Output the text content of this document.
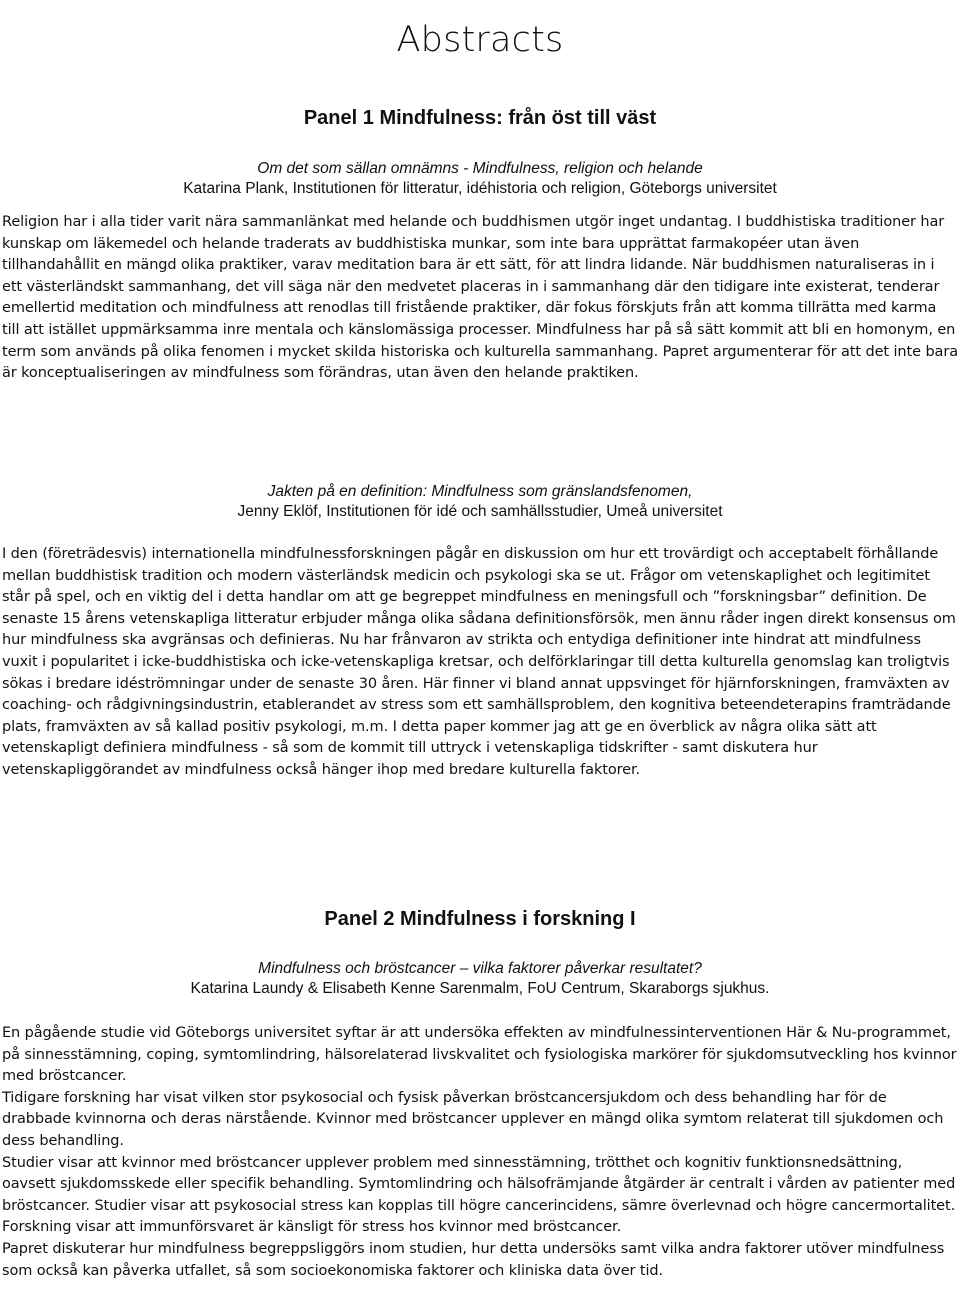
Abstracts
Panel 1 Mindfulness: från öst till väst
Om det som sällan omnämns - Mindfulness, religion och helande
Katarina Plank, Institutionen för litteratur, idéhistoria och religion, Göteborgs universitet

Religion har i alla tider varit nära sammanlänkat med helande och buddhismen utgör inget undantag. I buddhistiska traditioner har kunskap om läkemedel och helande traderats av buddhistiska munkar, som inte bara upprättat farmakopéer utan även tillhandahållit en mängd olika praktiker, varav meditation bara är ett sätt, för att lindra lidande. När buddhismen naturaliseras in i ett västerländskt sammanhang, det vill säga när den medvetet placeras in i sammanhang där den tidigare inte existerat, tenderar emellertid meditation och mindfulness att renodlas till fristående praktiker, där fokus förskjuts från att komma tillrätta med karma till att istället uppmärksamma inre mentala och känslomässiga processer. Mindfulness har på så sätt kommit att bli en homonym, en term som används på olika fenomen i mycket skilda historiska och kulturella sammanhang. Papret argumenterar för att det inte bara är konceptualiseringen av mindfulness som förändras, utan även den helande praktiken.

Jakten på en definition: Mindfulness som gränslandsfenomen,
Jenny Eklöf, Institutionen för idé och samhällsstudier, Umeå universitet

I den (företrädesvis) internationella mindfulnessforskningen pågår en diskussion om hur ett trovärdigt och acceptabelt förhållande mellan buddhistisk tradition och modern västerländsk medicin och psykologi ska se ut. Frågor om vetenskaplighet och legitimitet står på spel, och en viktig del i detta handlar om att ge begreppet mindfulness en meningsfull och ”forskningsbar” definition. De senaste 15 årens vetenskapliga litteratur erbjuder många olika sådana definitionsförsök, men ännu råder ingen direkt konsensus om hur mindfulness ska avgränsas och definieras. Nu har frånvaron av strikta och entydiga definitioner inte hindrat att mindfulness vuxit i popularitet i icke-buddhistiska och icke-vetenskapliga kretsar, och delförklaringar till detta kulturella genomslag kan troligtvis sökas i bredare idéströmningar under de senaste 30 åren. Här finner vi bland annat uppsvinget för hjärnforskningen, framväxten av coaching- och rådgivningsindustrin, etablerandet av stress som ett samhällsproblem, den kognitiva beteendeterapins framträdande plats, framväxten av så kallad positiv psykologi, m.m. I detta paper kommer jag att ge en överblick av några olika sätt att vetenskapligt definiera mindfulness - så som de kommit till uttryck i vetenskapliga tidskrifter - samt diskutera hur vetenskapliggörandet av mindfulness också hänger ihop med bredare kulturella faktorer.

Panel 2 Mindfulness i forskning I
Mindfulness och bröstcancer – vilka faktorer påverkar resultatet?
Katarina Laundy & Elisabeth Kenne Sarenmalm, FoU Centrum, Skaraborgs sjukhus.

En pågående studie vid Göteborgs universitet syftar är att undersöka effekten av mindfulnessinterventionen Här & Nu-programmet, på sinnesstämning, coping, symtomlindring, hälsorelaterad livskvalitet och fysiologiska markörer för sjukdomsutveckling hos kvinnor med bröstcancer.

Tidigare forskning har visat vilken stor psykosocial och fysisk påverkan bröstcancersjukdom och dess behandling har för de drabbade kvinnorna och deras närstående. Kvinnor med bröstcancer upplever en mängd olika symtom relaterat till sjukdomen och dess behandling.

Studier visar att kvinnor med bröstcancer upplever problem med sinnesstämning, trötthet och kognitiv funktionsnedsättning, oavsett sjukdomsskede eller specifik behandling. Symtomlindring och hälsofrämjande åtgärder är centralt i vården av patienter med bröstcancer. Studier visar att psykosocial stress kan kopplas till högre cancerincidens, sämre överlevnad och högre cancermortalitet. Forskning visar att immunförsvaret är känsligt för stress hos kvinnor med bröstcancer.

Papret diskuterar hur mindfulness begreppsliggörs inom studien, hur detta undersöks samt vilka andra faktorer utöver mindfulness som också kan påverka utfallet, så som socioekonomiska faktorer och kliniska data över tid.
